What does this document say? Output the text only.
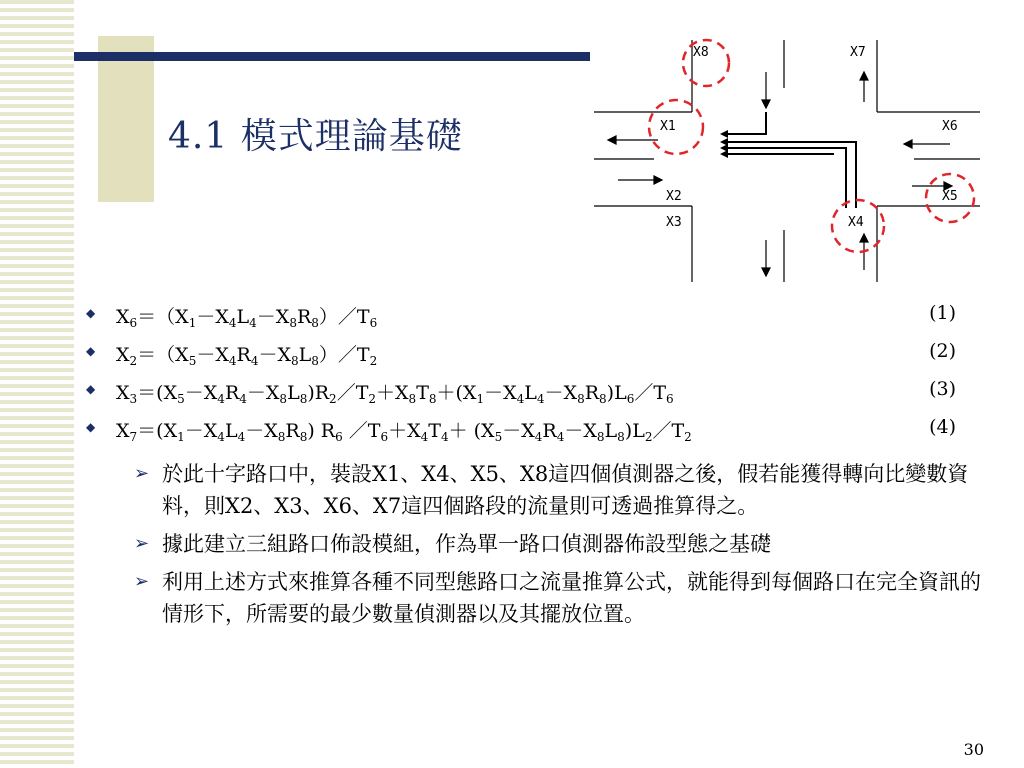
4.1 模式理論基礎
X8	X7
X1	X6
X2	X5
X3	X4
◆ $X_6=(X_1-X_4L_4-X_8R_8)/T_6$	(1)
◆ $X_2=(X_5-X_4R_4-X_8L_8)/T_2$	(2)
◆ $X_3=(X_5-X_4R_4-X_8L_8)R_2/T_2+X_8T_8+(X_1-X_4L_4-X_8R_8)L_6/T_6$	(3)
◆ $X_7=(X_1-X_4L_4-X_8R_8)$ $R_6$ $/T_6+X_4T_4+$ $(X_5-X_4R_4-X_8L_8)L_2/T_2$	(4)
➢ 於此十字路口中，裝設X1、X4、X5、X8這四個偵測器之後，假若能獲得轉向比變數資料，則X2、X3、X6、X7這四個路段的流量則可透過推算得之。
➢ 據此建立三組路口佈設模組，作為單一路口偵測器佈設型態之基礎
➢ 利用上述方式來推算各種不同型態路口之流量推算公式，就能得到每個路口在完全資訊的情形下，所需要的最少數量偵測器以及其擺放位置。
30
